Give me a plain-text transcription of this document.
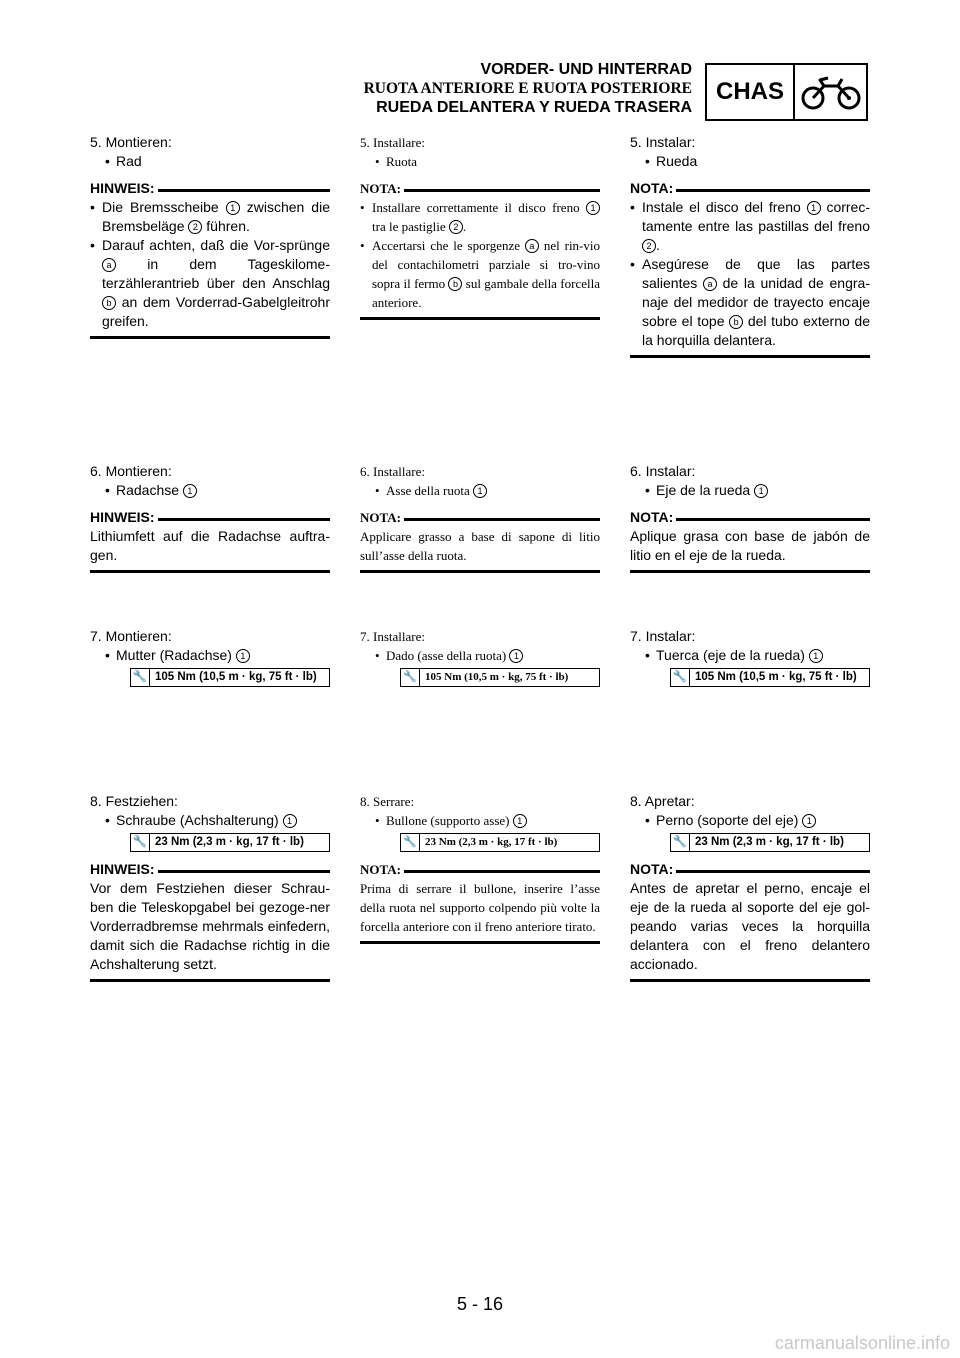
VORDER- UND HINTERRAD
RUOTA ANTERIORE E RUOTA POSTERIORE
RUEDA DELANTERA Y RUEDA TRASERA
CHAS
5. Montieren:
• Rad
HINWEIS:
• Die Bremsscheibe 1 zwischen die Bremsbeläge 2 führen.
• Darauf achten, daß die Vor-sprünge a in dem Tageskilome-terzählerantrieb über den Anschlag b an dem Vorderrad-Gabelgleitrohr greifen.
6. Montieren:
• Radachse 1
HINWEIS:
Lithiumfett auf die Radachse auftra-gen.
7. Montieren:
• Mutter (Radachse) 1
🔧 105 Nm (10,5 m · kg, 75 ft · lb)
8. Festziehen:
• Schraube (Achshalterung) 1
🔧 23 Nm (2,3 m · kg, 17 ft · lb)
HINWEIS:
Vor dem Festziehen dieser Schrau-ben die Teleskopgabel bei gezoge-ner Vorderradbremse mehrmals einfedern, damit sich die Radachse richtig in die Achshalterung setzt.
5. Installare:
• Ruota
NOTA:
• Installare correttamente il disco freno 1 tra le pastiglie 2 .
• Accertarsi che le sporgenze a nel rin-vio del contachilometri parziale si tro-vino sopra il fermo b sul gambale della forcella anteriore.
6. Installare:
• Asse della ruota 1
NOTA:
Applicare grasso a base di sapone di litio sull’asse della ruota.
7. Installare:
• Dado (asse della ruota) 1
🔧 105 Nm (10,5 m · kg, 75 ft · lb)
8. Serrare:
• Bullone (supporto asse) 1
🔧 23 Nm (2,3 m · kg, 17 ft · lb)
NOTA:
Prima di serrare il bullone, inserire l’asse della ruota nel supporto colpendo più volte la forcella anteriore con il freno anteriore tirato.
5. Instalar:
• Rueda
NOTA:
• Instale el disco del freno 1 correc-tamente entre las pastillas del freno 2 .
• Asegúrese de que las partes salientes a de la unidad de engra-naje del medidor de trayecto encaje sobre el tope b del tubo externo de la horquilla delantera.
6. Instalar:
• Eje de la rueda 1
NOTA:
Aplique grasa con base de jabón de litio en el eje de la rueda.
7. Instalar:
• Tuerca (eje de la rueda) 1
🔧 105 Nm (10,5 m · kg, 75 ft · lb)
8. Apretar:
• Perno (soporte del eje) 1
🔧 23 Nm (2,3 m · kg, 17 ft · lb)
NOTA:
Antes de apretar el perno, encaje el eje de la rueda al soporte del eje gol-peando varias veces la horquilla delantera con el freno delantero accionado.
5 - 16
carmanualsonline.info
